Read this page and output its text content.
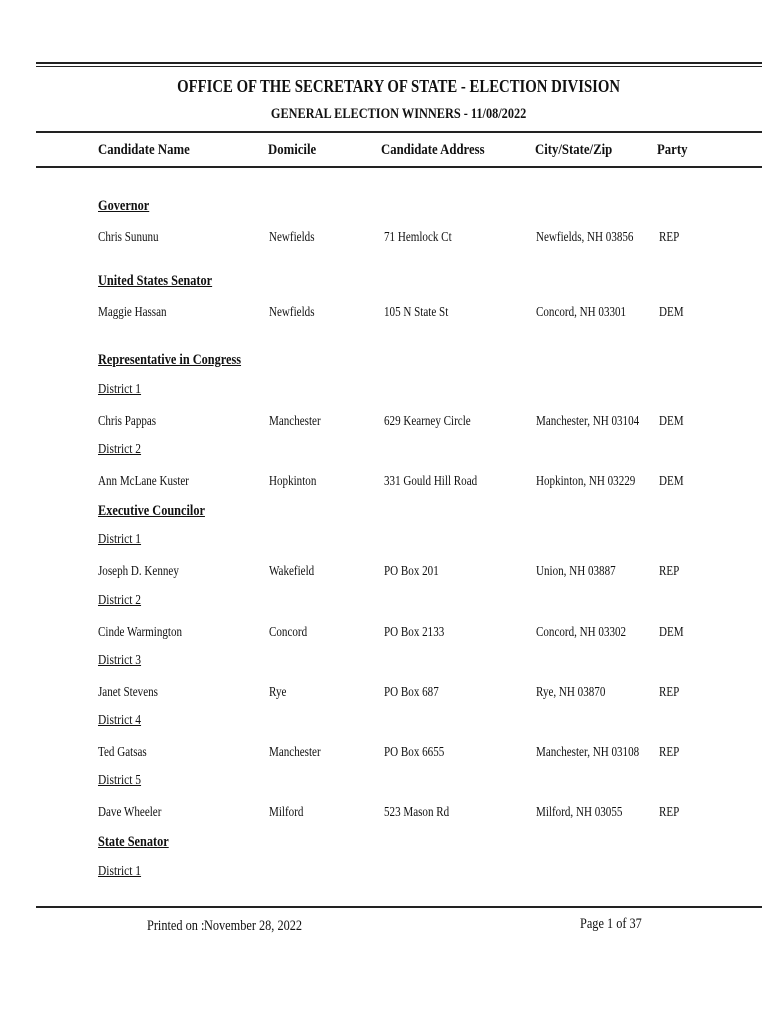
OFFICE OF THE SECRETARY OF STATE - ELECTION DIVISION
GENERAL ELECTION WINNERS - 11/08/2022
Candidate Name	Domicile	Candidate Address	City/State/Zip	Party
Governor
Chris Sununu	Newfields	71 Hemlock Ct	Newfields, NH 03856 REP
United States Senator
Maggie Hassan	Newfields	105 N State St	Concord, NH 03301 DEM
Representative in Congress
District 1
Chris Pappas	Manchester	629 Kearney Circle	Manchester, NH 03104 DEM
District 2
Ann McLane Kuster	Hopkinton	331 Gould Hill Road	Hopkinton, NH 03229 DEM
Executive Councilor
District 1
Joseph D. Kenney	Wakefield	PO Box 201	Union, NH 03887	REP
District 2
Cinde Warmington	Concord	PO Box 2133	Concord, NH 03302 DEM
District 3
Janet Stevens	Rye	PO Box 687	Rye, NH 03870	REP
District 4
Ted Gatsas	Manchester	PO Box 6655	Manchester, NH 03108 REP
District 5
Dave Wheeler	Milford	523 Mason Rd	Milford, NH 03055	REP
State Senator
District 1
Printed on : November 28, 2022	Page 1 of 37
